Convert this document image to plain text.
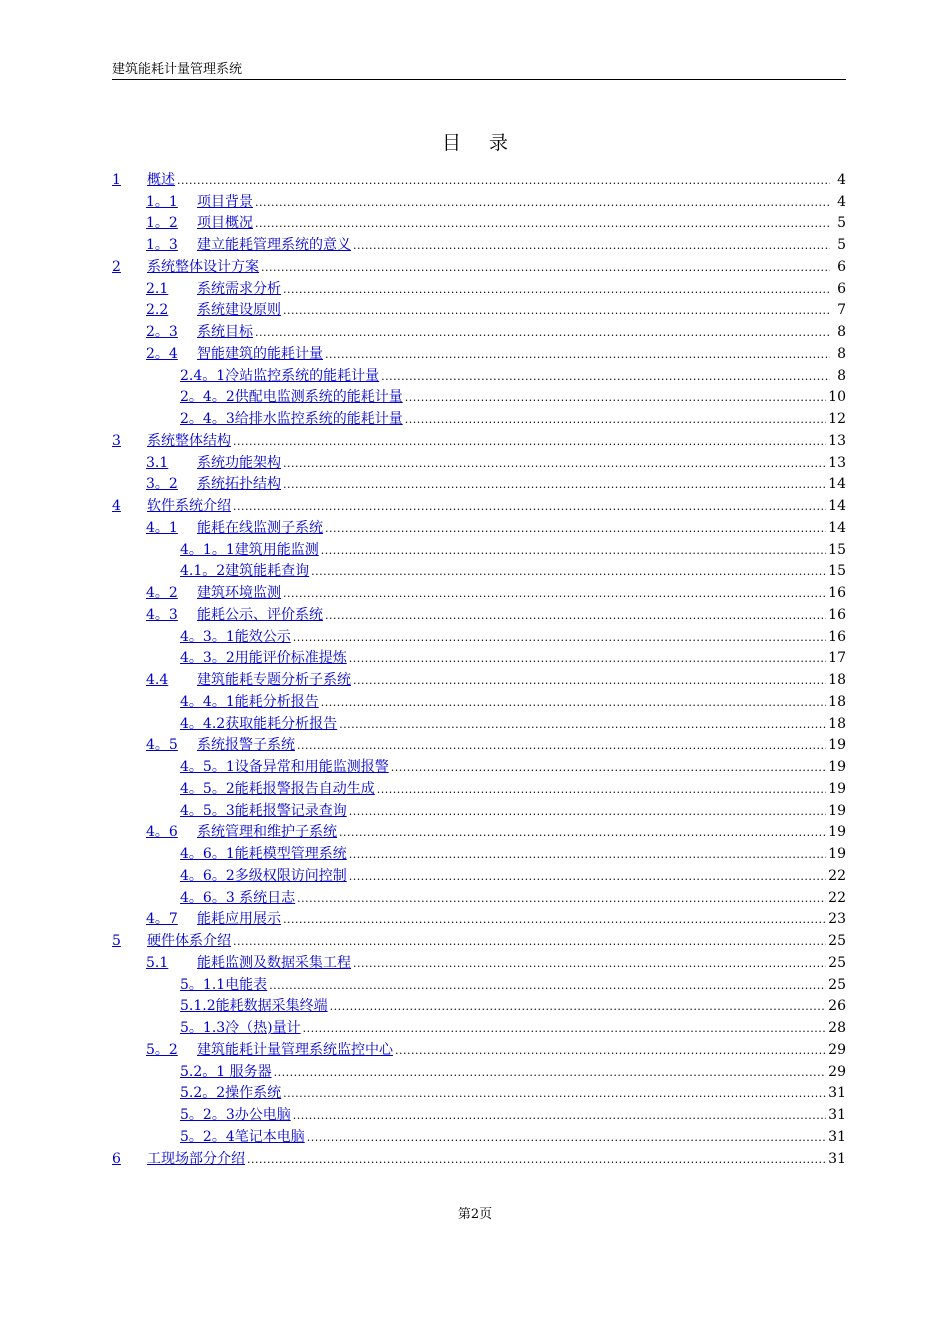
建筑能耗计量管理系统
目录
1	概述 .....	4
1。1	项目背景 .....	4
1。2	项目概况 .....	5
1。3	建立能耗管理系统的意义 .....	5
2	系统整体设计方案 .....	6
2.1	系统需求分析 .....	6
2.2	系统建设原则 .....	7
2。3	系统目标 .....	8
2。4	智能建筑的能耗计量 .....	8
2.4。1冷站监控系统的能耗计量 .....	8
2。4。2供配电监测系统的能耗计量 .....	10
2。4。3给排水监控系统的能耗计量 .....	12
3	系统整体结构 .....	13
3.1	系统功能架构 .....	13
3。2	系统拓扑结构 .....	14
4	软件系统介绍 .....	14
4。1	能耗在线监测子系统 .....	14
4。1。1建筑用能监测 .....	15
4.1。2建筑能耗查询 .....	15
4。2	建筑环境监测 .....	16
4。3	能耗公示、评价系统 .....	16
4。3。1能效公示 .....	16
4。3。2用能评价标准提炼 .....	17
4.4	建筑能耗专题分析子系统 .....	18
4。4。1能耗分析报告 .....	18
4。4.2获取能耗分析报告 .....	18
4。5	系统报警子系统 .....	19
4。5。1设备异常和用能监测报警 .....	19
4。5。2能耗报警报告自动生成 .....	19
4。5。3能耗报警记录查询 .....	19
4。6	系统管理和维护子系统 .....	19
4。6。1能耗模型管理系统 .....	19
4。6。2多级权限访问控制 .....	22
4。6。3 系统日志 .....	22
4。7	能耗应用展示 .....	23
5	硬件体系介绍 .....	25
5.1	能耗监测及数据采集工程 .....	25
5。1.1电能表 .....	25
5.1.2能耗数据采集终端 .....	26
5。1.3冷（热)量计 .....	28
5。2	建筑能耗计量管理系统监控中心 .....	29
5.2。1 服务器 .....	29
5.2。2操作系统 .....	31
5。2。3办公电脑 .....	31
5。2。4笔记本电脑 .....	31
6	工现场部分介绍 .....	31
第2页
